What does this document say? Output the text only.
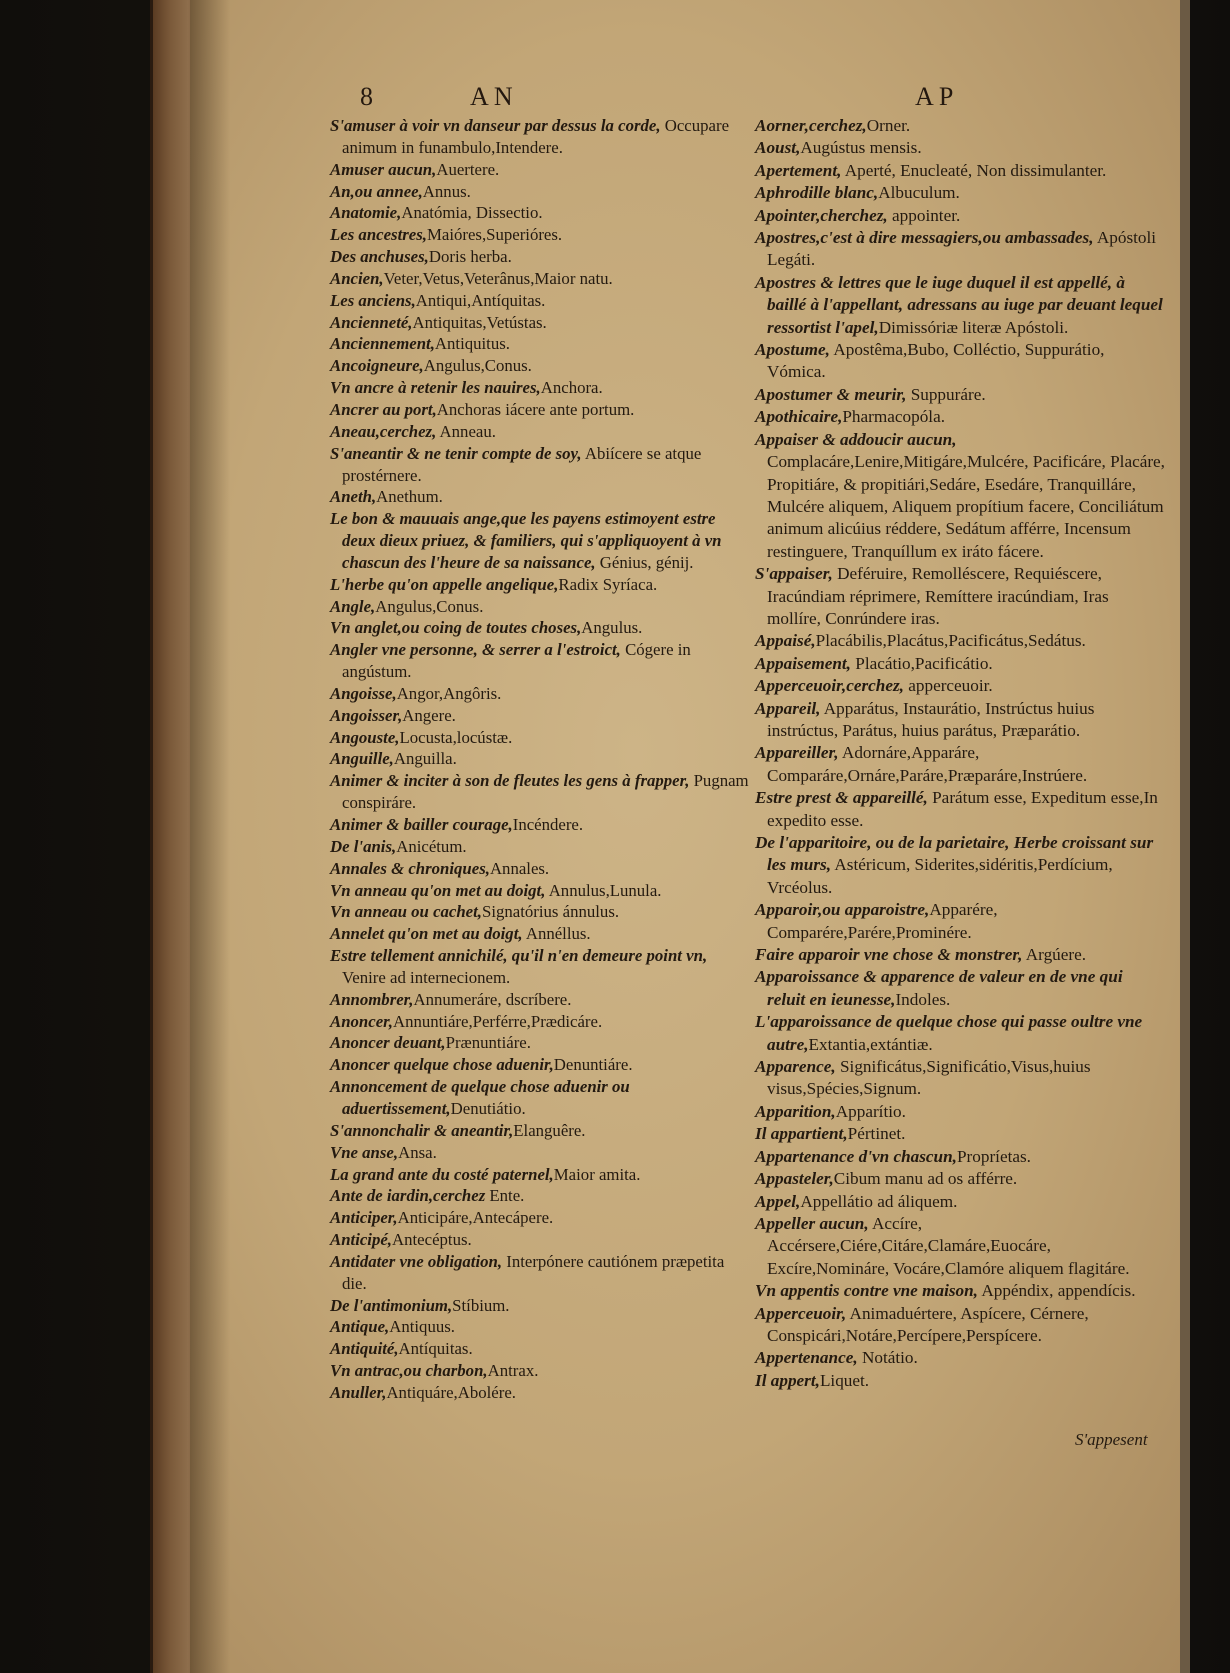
8	A N	A P

S'amuser à voir vn danseur par dessus la corde, Occupare animum in funambulo,Intendere.

Amuser aucun,Auertere.

An,ou annee,Annus.

Anatomie,Anatómia, Dissectio.

Les ancestres,Maióres,Superióres.

Des anchuses,Doris herba.

Ancien,Veter,Vetus,Veterânus,Maior natu.

Les anciens,Antiqui,Antíquitas.

Ancienneté,Antiquitas,Vetústas.

Anciennement,Antiquitus.

Ancoigneure,Angulus,Conus.

Vn ancre à retenir les nauires,Anchora.

Ancrer au port,Anchoras iácere ante portum.

Aneau,cerchez, Anneau.

S'aneantir & ne tenir compte de soy, Abiícere se atque prostérnere.

Aneth,Anethum.

Le bon & mauuais ange,que les payens estimoyent estre deux dieux priuez, & familiers, qui s'appliquoyent à vn chascun des l'heure de sa naissance, Génius, génij.

L'herbe qu'on appelle angelique,Radix Syríaca.

Angle,Angulus,Conus.

Vn anglet,ou coing de toutes choses,Angulus.

Angler vne personne, & serrer a l'estroict, Cógere in angústum.

Angoisse,Angor,Angôris.

Angoisser,Angere.

Angouste,Locusta,locústæ.

Anguille,Anguilla.

Animer & inciter à son de fleutes les gens à frapper, Pugnam conspiráre.

Animer & bailler courage,Incéndere.

De l'anis,Anicétum.

Annales & chroniques,Annales.

Vn anneau qu'on met au doigt, Annulus,Lunula.

Vn anneau ou cachet,Signatórius ánnulus.

Annelet qu'on met au doigt, Annéllus.

Estre tellement annichilé, qu'il n'en demeure point vn, Venire ad internecionem.

Annombrer,Annumeráre, dscríbere.

Anoncer,Annuntiáre,Perférre,Prædicáre.

Anoncer deuant,Prænuntiáre.

Anoncer quelque chose aduenir,Denuntiáre.

Annoncement de quelque chose aduenir ou aduertissement,Denutiátio.

S'annonchalir & aneantir,Elanguêre.

Vne anse,Ansa.

La grand ante du costé paternel,Maior amita.

Ante de iardin,cerchez Ente.

Anticiper,Anticipáre,Antecápere.

Anticipé,Antecéptus.

Antidater vne obligation, Interpónere cautiónem præpetita die.

De l'antimonium,Stíbium.

Antique,Antiquus.

Antiquité,Antíquitas.

Vn antrac,ou charbon,Antrax.

Anuller,Antiquáre,Abolére.

Aorner,cerchez,Orner.

Aoust,Augústus mensis.

Apertement, Aperté, Enucleaté, Non dissimulanter.

Aphrodille blanc,Albuculum.

Apointer,cherchez, appointer.

Apostres,c'est à dire messagiers,ou ambassades, Apóstoli Legáti.

Apostres & lettres que le iuge duquel il est appellé, à baillé à l'appellant, adressans au iuge par deuant lequel ressortist l'apel,Dimissóriæ literæ Apóstoli.

Apostume, Apostêma,Bubo, Colléctio, Suppurátio, Vómica.

Apostumer & meurir, Suppuráre.

Apothicaire,Pharmacopóla.

Appaiser & addoucir aucun, Complacáre,Lenire,Mitigáre,Mulcére, Pacificáre, Placáre, Propitiáre, & propitiári,Sedáre, Esedáre, Tranquilláre, Mulcére aliquem, Aliquem propítium facere, Conciliátum animum alicúius réddere, Sedátum afférre, Incensum restinguere, Tranquíllum ex iráto fácere.

S'appaiser, Deféruire, Remolléscere, Requiéscere, Iracúndiam réprimere, Remíttere iracúndiam, Iras mollíre, Conrúndere iras.

Appaisé,Placábilis,Placátus,Pacificátus,Sedátus.

Appaisement, Placátio,Pacificátio.

Apperceuoir,cerchez, apperceuoir.

Appareil, Apparátus, Instaurátio, Instrúctus huius instrúctus, Parátus, huius parátus, Præparátio.

Appareiller, Adornáre,Apparáre, Comparáre,Ornáre,Paráre,Præparáre,Instrúere.

Estre prest & appareillé, Parátum esse, Expeditum esse,In expedito esse.

De l'apparitoire, ou de la parietaire, Herbe croissant sur les murs, Astéricum, Siderites,sidéritis,Perdícium, Vrcéolus.

Apparoir,ou apparoistre,Apparére, Comparére,Parére,Prominére.

Faire apparoir vne chose & monstrer, Argúere.

Apparoissance & apparence de valeur en de vne qui reluit en ieunesse,Indoles.

L'apparoissance de quelque chose qui passe oultre vne autre,Extantia,extántiæ.

Apparence, Significátus,Significátio,Visus,huius visus,Spécies,Signum.

Apparition,Apparítio.

Il appartient,Pértinet.

Appartenance d'vn chascun,Propríetas.

Appasteler,Cibum manu ad os afférre.

Appel,Appellátio ad áliquem.

Appeller aucun, Accíre, Accérsere,Ciére,Citáre,Clamáre,Euocáre, Excíre,Nomináre, Vocáre,Clamóre aliquem flagitáre.

Vn appentis contre vne maison, Appéndix, appendícis.

Apperceuoir, Animaduértere, Aspícere, Cérnere, Conspicári,Notáre,Percípere,Perspícere.

Appertenance, Notátio.

Il appert,Liquet.

S'appesent
